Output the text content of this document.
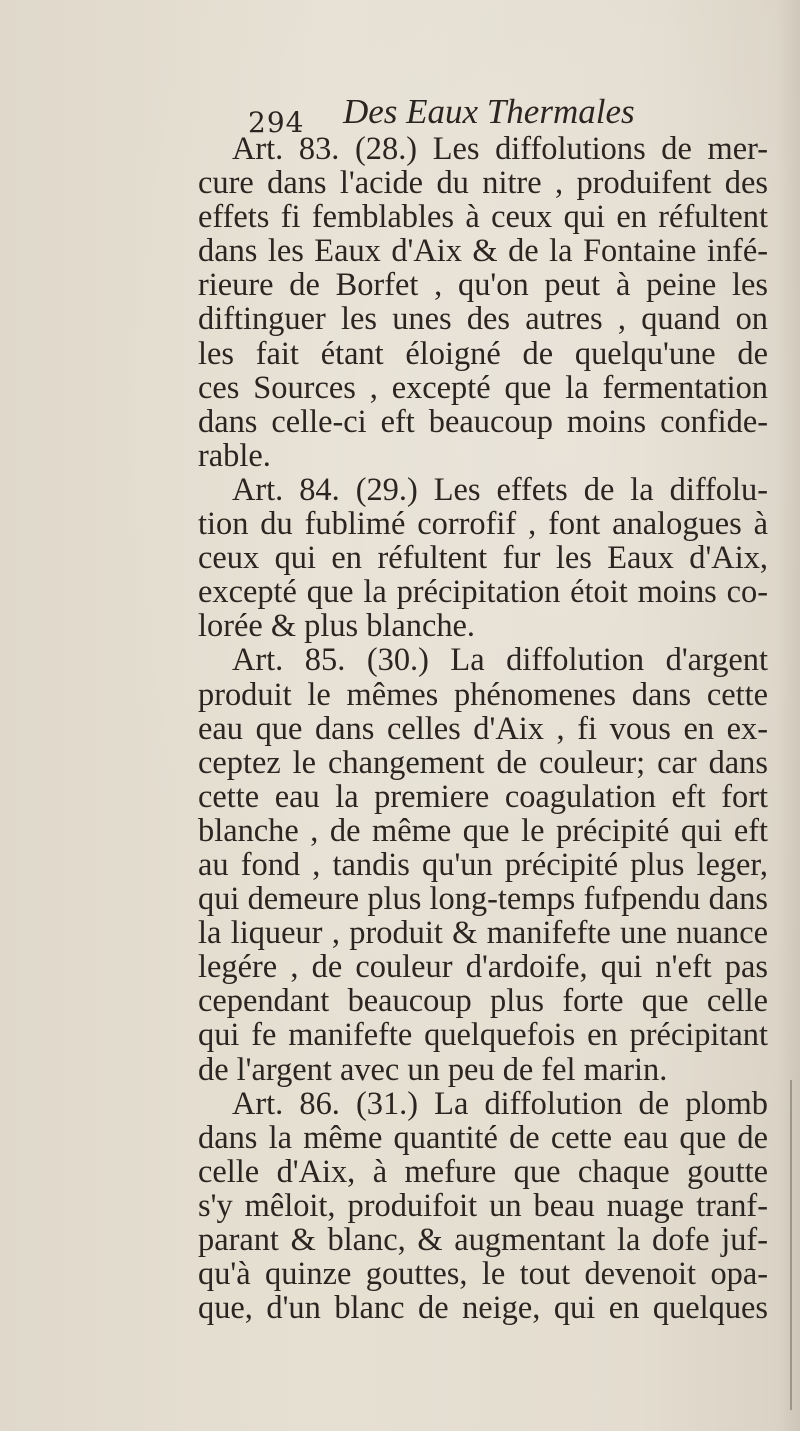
294 Des Eaux Thermales
Art. 83. (28.) Les diffolutions de mer-
cure dans l'acide du nitre , produifent des
effets fi femblables à ceux qui en réfultent
dans les Eaux d'Aix & de la Fontaine infé-
rieure de Borfet , qu'on peut à peine les
diftinguer les unes des autres , quand on
les fait étant éloigné de quelqu'une de
ces Sources , excepté que la fermentation
dans celle-ci eft beaucoup moins confide-
rable.
Art. 84. (29.) Les effets de la diffolu-
tion du fublimé corrofif , font analogues à
ceux qui en réfultent fur les Eaux d'Aix,
excepté que la précipitation étoit moins co-
lorée & plus blanche.
Art. 85. (30.) La diffolution d'argent
produit le mêmes phénomenes dans cette
eau que dans celles d'Aix , fi vous en ex-
ceptez le changement de couleur; car dans
cette eau la premiere coagulation eft fort
blanche , de même que le précipité qui eft
au fond , tandis qu'un précipité plus leger,
qui demeure plus long-temps fufpendu dans
la liqueur , produit & manifefte une nuance
legére , de couleur d'ardoife, qui n'eft pas
cependant beaucoup plus forte que celle
qui fe manifefte quelquefois en précipitant
de l'argent avec un peu de fel marin.
Art. 86. (31.) La diffolution de plomb
dans la même quantité de cette eau que de
celle d'Aix, à mefure que chaque goutte
s'y mêloit, produifoit un beau nuage tranf-
parant & blanc, & augmentant la dofe juf-
qu'à quinze gouttes, le tout devenoit opa-
que, d'un blanc de neige, qui en quelques
